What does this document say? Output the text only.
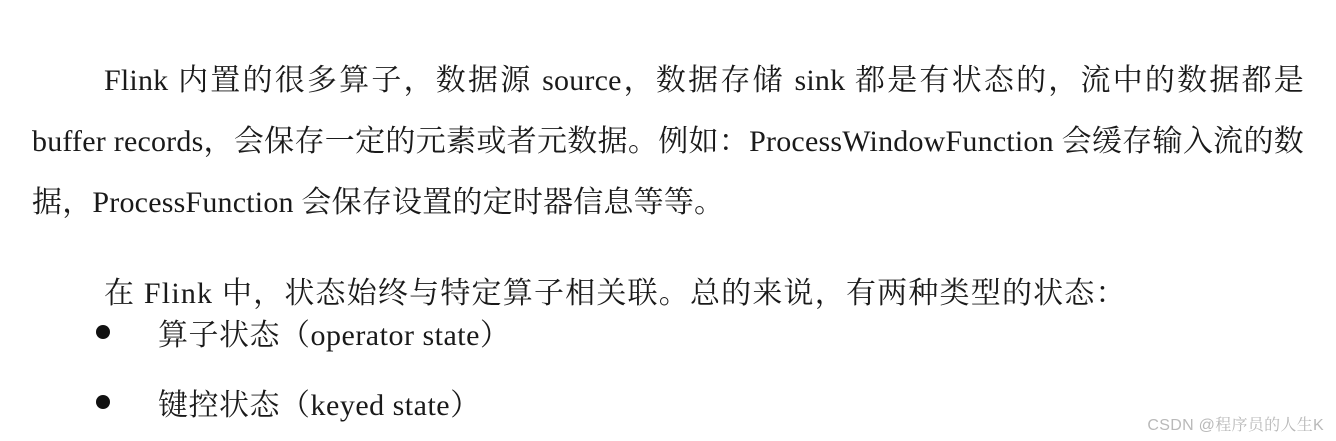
Flink 内置的很多算子，数据源 source，数据存储 sink 都是有状态的，流中的数据都是 buffer records，会保存一定的元素或者元数据。例如：ProcessWindowFunction 会缓存输入流的数据，ProcessFunction 会保存设置的定时器信息等等。

在 Flink 中，状态始终与特定算子相关联。总的来说，有两种类型的状态：

算子状态（operator state）
键控状态（keyed state）
CSDN @程序员的人生K
